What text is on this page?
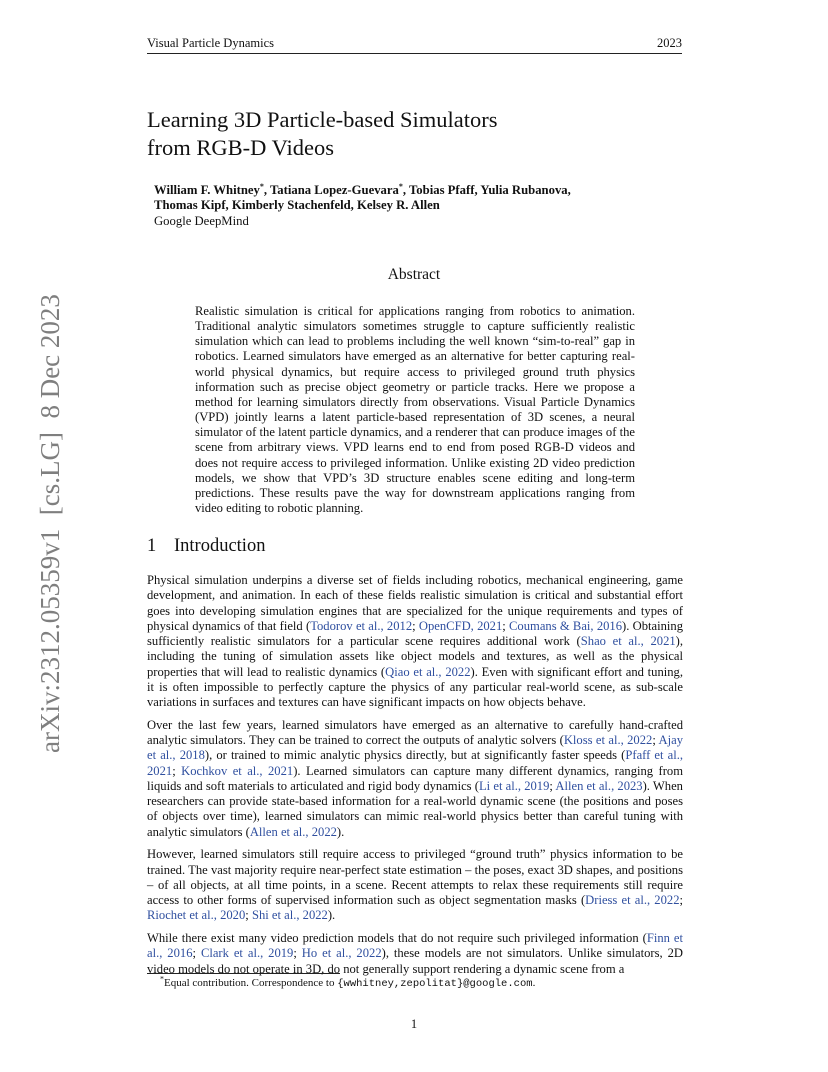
Visual Particle Dynamics	2023
Learning 3D Particle-based Simulators
from RGB-D Videos
William F. Whitney*, Tatiana Lopez-Guevara*, Tobias Pfaff, Yulia Rubanova,
Thomas Kipf, Kimberly Stachenfeld, Kelsey R. Allen
Google DeepMind
Abstract
Realistic simulation is critical for applications ranging from robotics to animation. Traditional analytic simulators sometimes struggle to capture sufficiently realistic simulation which can lead to problems including the well known “sim-to-real” gap in robotics. Learned simulators have emerged as an alternative for better capturing real-world physical dynamics, but require access to privileged ground truth physics information such as precise object geometry or particle tracks. Here we propose a method for learning simulators directly from observations. Visual Particle Dynamics (VPD) jointly learns a latent particle-based representation of 3D scenes, a neural simulator of the latent particle dynamics, and a renderer that can produce images of the scene from arbitrary views. VPD learns end to end from posed RGB-D videos and does not require access to privileged information. Unlike existing 2D video prediction models, we show that VPD’s 3D structure enables scene editing and long-term predictions. These results pave the way for downstream applications ranging from video editing to robotic planning.
1 Introduction

Physical simulation underpins a diverse set of fields including robotics, mechanical engineering, game development, and animation. In each of these fields realistic simulation is critical and substantial effort goes into developing simulation engines that are specialized for the unique requirements and types of physical dynamics of that field (Todorov et al., 2012; OpenCFD, 2021; Coumans & Bai, 2016). Obtaining sufficiently realistic simulators for a particular scene requires additional work (Shao et al., 2021), including the tuning of simulation assets like object models and textures, as well as the physical properties that will lead to realistic dynamics (Qiao et al., 2022). Even with significant effort and tuning, it is often impossible to perfectly capture the physics of any particular real-world scene, as sub-scale variations in surfaces and textures can have significant impacts on how objects behave.

Over the last few years, learned simulators have emerged as an alternative to carefully hand-crafted analytic simulators. They can be trained to correct the outputs of analytic solvers (Kloss et al., 2022; Ajay et al., 2018), or trained to mimic analytic physics directly, but at significantly faster speeds (Pfaff et al., 2021; Kochkov et al., 2021). Learned simulators can capture many different dynamics, ranging from liquids and soft materials to articulated and rigid body dynamics (Li et al., 2019; Allen et al., 2023). When researchers can provide state-based information for a real-world dynamic scene (the positions and poses of objects over time), learned simulators can mimic real-world physics better than careful tuning with analytic simulators (Allen et al., 2022).

However, learned simulators still require access to privileged “ground truth” physics information to be trained. The vast majority require near-perfect state estimation – the poses, exact 3D shapes, and positions – of all objects, at all time points, in a scene. Recent attempts to relax these requirements still require access to other forms of supervised information such as object segmentation masks (Driess et al., 2022; Riochet et al., 2020; Shi et al., 2022).

While there exist many video prediction models that do not require such privileged information (Finn et al., 2016; Clark et al., 2019; Ho et al., 2022), these models are not simulators. Unlike simulators, 2D video models do not operate in 3D, do not generally support rendering a dynamic scene from a

*Equal contribution. Correspondence to {wwhitney,zepolitat}@google.com.
1
arXiv:2312.05359v1  [cs.LG]  8 Dec 2023
